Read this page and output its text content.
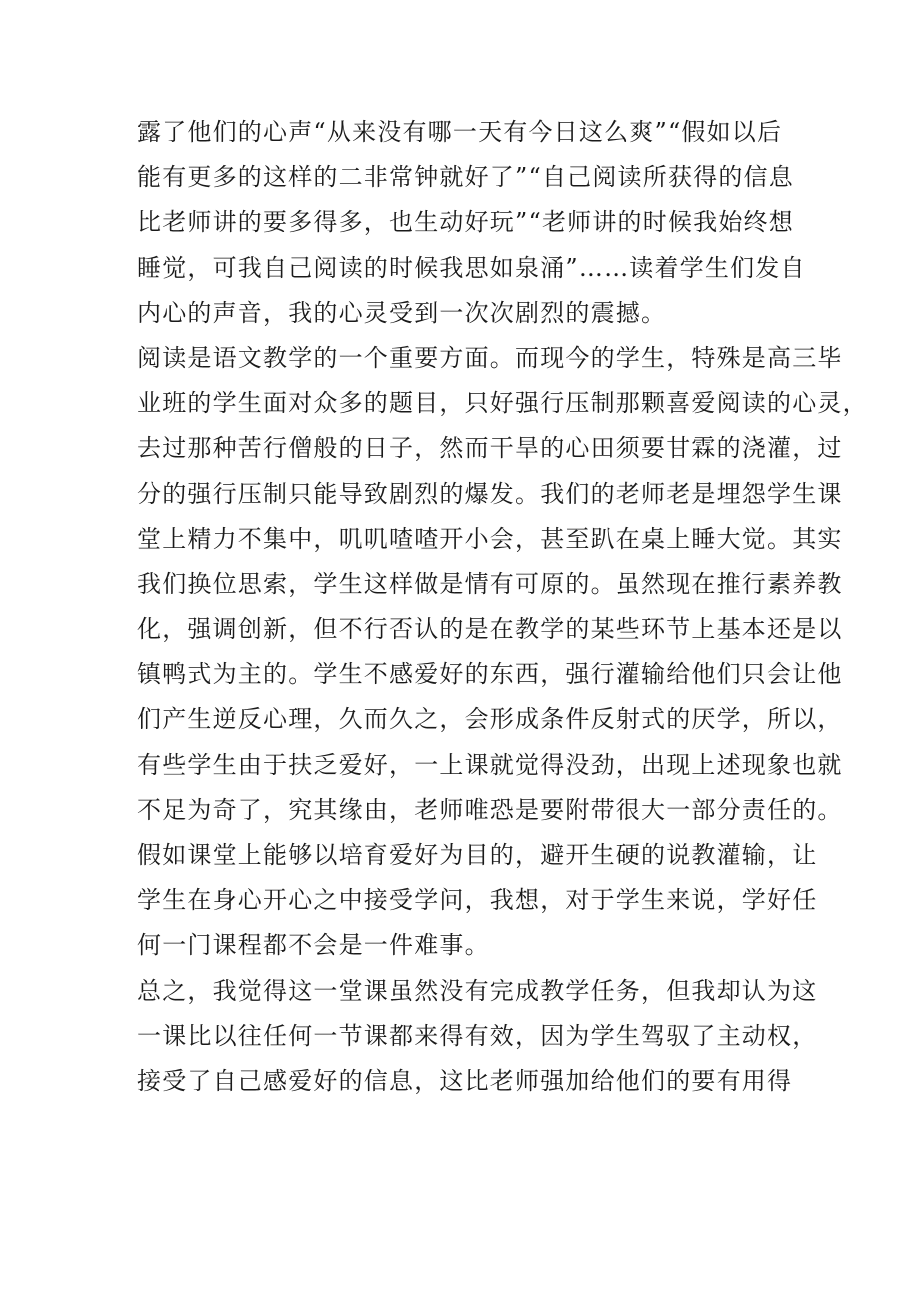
露了他们的心声“从来没有哪一天有今日这么爽”“假如以后
能有更多的这样的二非常钟就好了”“自己阅读所获得的信息
比老师讲的要多得多，也生动好玩”“老师讲的时候我始终想
睡觉，可我自己阅读的时候我思如泉涌”……读着学生们发自
内心的声音，我的心灵受到一次次剧烈的震撼。
阅读是语文教学的一个重要方面。而现今的学生，特殊是高三毕
业班的学生面对众多的题目，只好强行压制那颗喜爱阅读的心灵，
去过那种苦行僧般的日子，然而干旱的心田须要甘霖的浇灌，过
分的强行压制只能导致剧烈的爆发。我们的老师老是埋怨学生课
堂上精力不集中，叽叽喳喳开小会，甚至趴在桌上睡大觉。其实
我们换位思索，学生这样做是情有可原的。虽然现在推行素养教
化，强调创新，但不行否认的是在教学的某些环节上基本还是以
镇鸭式为主的。学生不感爱好的东西，强行灌输给他们只会让他
们产生逆反心理，久而久之，会形成条件反射式的厌学，所以，
有些学生由于扶乏爱好，一上课就觉得没劲，出现上述现象也就
不足为奇了，究其缘由，老师唯恐是要附带很大一部分责任的。
假如课堂上能够以培育爱好为目的，避开生硬的说教灌输，让
学生在身心开心之中接受学问，我想，对于学生来说，学好任
何一门课程都不会是一件难事。
总之，我觉得这一堂课虽然没有完成教学任务，但我却认为这
一课比以往任何一节课都来得有效，因为学生驾驭了主动权，
接受了自己感爱好的信息，这比老师强加给他们的要有用得
